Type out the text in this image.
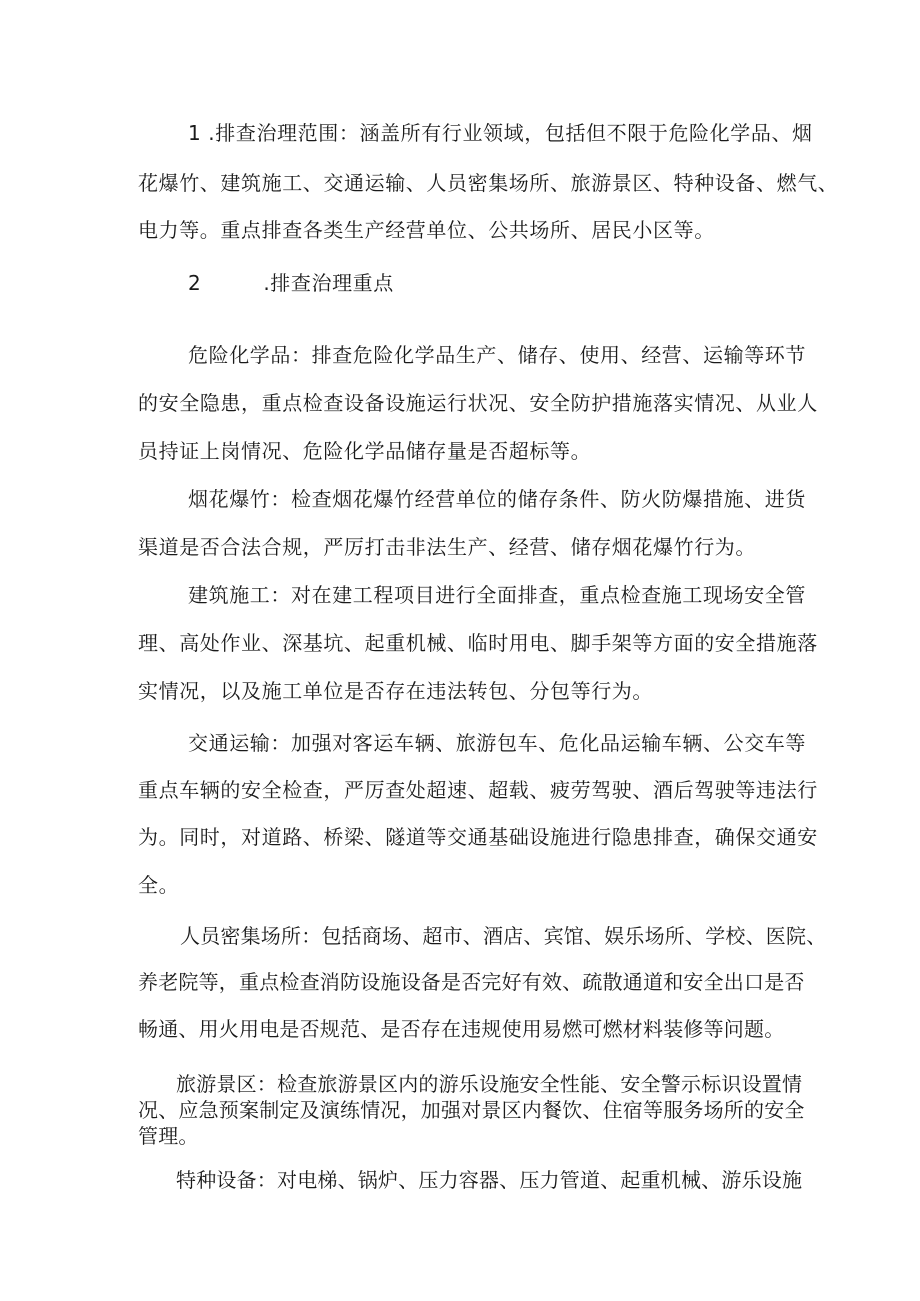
1 .排查治理范围：涵盖所有行业领域，包括但不限于危险化学品、烟
花爆竹、建筑施工、交通运输、人员密集场所、旅游景区、特种设备、燃气、
电力等。重点排查各类生产经营单位、公共场所、居民小区等。
2	.排查治理重点
危险化学品：排查危险化学品生产、储存、使用、经营、运输等环节
的安全隐患，重点检查设备设施运行状况、安全防护措施落实情况、从业人
员持证上岗情况、危险化学品储存量是否超标等。
烟花爆竹：检查烟花爆竹经营单位的储存条件、防火防爆措施、进货
渠道是否合法合规，严厉打击非法生产、经营、储存烟花爆竹行为。
建筑施工：对在建工程项目进行全面排查，重点检查施工现场安全管
理、高处作业、深基坑、起重机械、临时用电、脚手架等方面的安全措施落
实情况，以及施工单位是否存在违法转包、分包等行为。
交通运输：加强对客运车辆、旅游包车、危化品运输车辆、公交车等
重点车辆的安全检查，严厉查处超速、超载、疲劳驾驶、酒后驾驶等违法行
为。同时，对道路、桥梁、隧道等交通基础设施进行隐患排查，确保交通安
全。
人员密集场所：包括商场、超市、酒店、宾馆、娱乐场所、学校、医院、
养老院等，重点检查消防设施设备是否完好有效、疏散通道和安全出口是否
畅通、用火用电是否规范、是否存在违规使用易燃可燃材料装修等问题。
旅游景区：检查旅游景区内的游乐设施安全性能、安全警示标识设置情
况、应急预案制定及演练情况，加强对景区内餐饮、住宿等服务场所的安全
管理。
特种设备：对电梯、锅炉、压力容器、压力管道、起重机械、游乐设施
